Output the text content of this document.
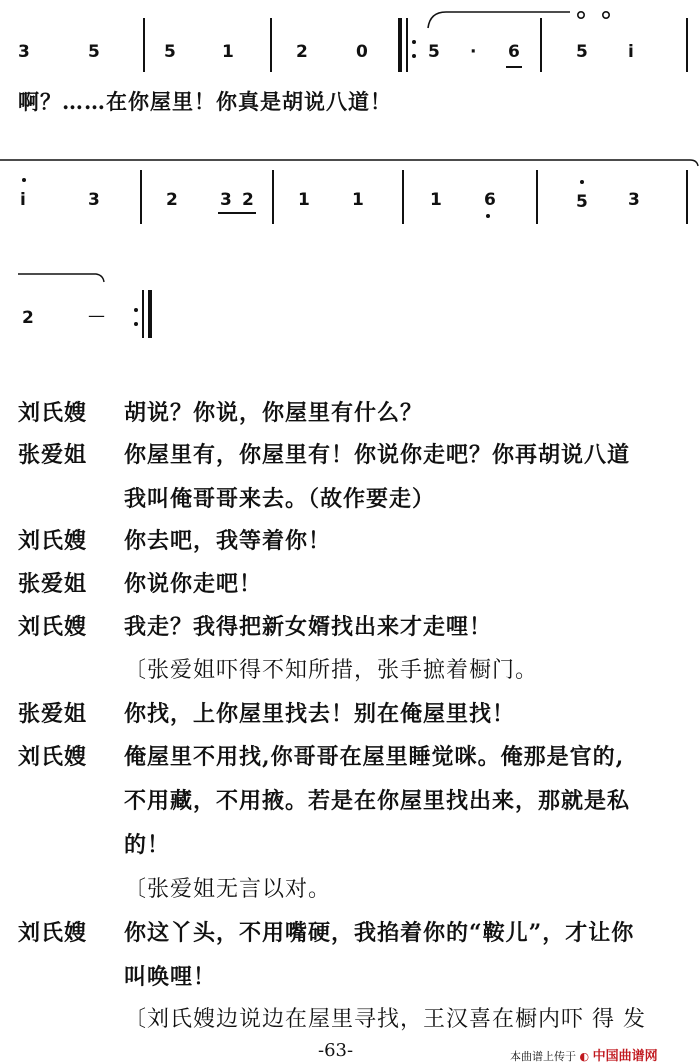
3	5	5	1	2	0	5 · 6	5 i
啊？……在你屋里！你真是胡说八道！
i	3	2 3 2	1 1	1 6	5 3
2	—
刘氏嫂 胡说？你说，你屋里有什么？
张爱姐 你屋里有，你屋里有！你说你走吧？你再胡说八道
我叫俺哥哥来去。（故作要走）
刘氏嫂 你去吧，我等着你！
张爱姐 你说你走吧！
刘氏嫂 我走？我得把新女婿找出来才走哩！
〔张爱姐吓得不知所措，张手摭着橱门。
张爱姐 你找，上你屋里找去！别在俺屋里找！
刘氏嫂 俺屋里不用找,你哥哥在屋里睡觉咪。俺那是官的,
不用藏，不用掖。若是在你屋里找出来，那就是私
的！
〔张爱姐无言以对。
刘氏嫂 你这丫头，不用嘴硬，我掐着你的“鞍儿”，才让你
叫唤哩！
〔刘氏嫂边说边在屋里寻找，王汉喜在橱内吓 得 发
-63-	本曲谱上传于 ◐ 中国曲谱网
